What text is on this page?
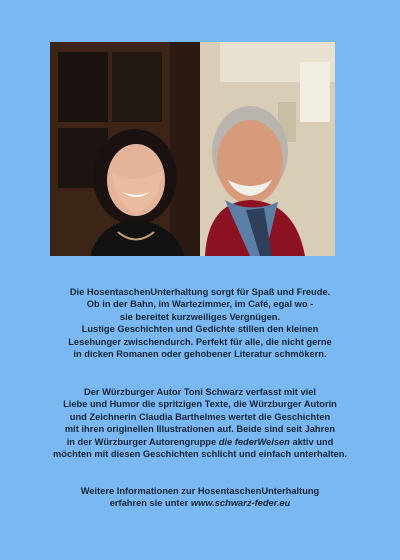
Die HosentaschenUnterhaltung sorgt für Spaß und Freude.

Ob in der Bahn, im Wartezimmer, im Café, egal wo -

sie bereitet kurzweiliges Vergnügen.

Lustige Geschichten und Gedichte stillen den kleinen

Lesehunger zwischendurch. Perfekt für alle, die nicht gerne

in dicken Romanen oder gehobener Literatur schmökern.

Der Würzburger Autor Toni Schwarz verfasst mit viel

Liebe und Humor die spritzigen Texte, die Würzburger Autorin

und Zeichnerin Claudia Barthelmes wertet die Geschichten

mit ihren originellen Illustrationen auf. Beide sind seit Jahren

in der Würzburger Autorengruppe die federWeisen aktiv und

möchten mit diesen Geschichten schlicht und einfach unterhalten.

Weitere Informationen zur HosentaschenUnterhaltung

erfahren sie unter www.schwarz-feder.eu
